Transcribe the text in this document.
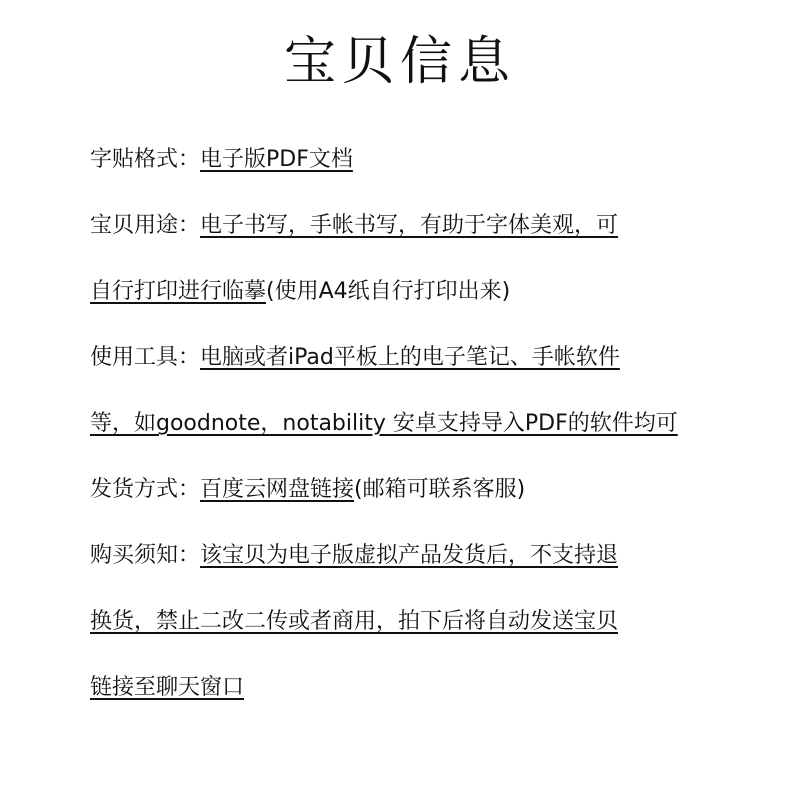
宝贝信息
字贴格式：电子版PDF文档
宝贝用途：电子书写，手帐书写，有助于字体美观，可
自行打印进行临摹(使用A4纸自行打印出来)
使用工具：电脑或者iPad平板上的电子笔记、手帐软件
等，如goodnote，notability 安卓支持导入PDF的软件均可
发货方式：百度云网盘链接(邮箱可联系客服)
购买须知：该宝贝为电子版虚拟产品发货后，不支持退
换货，禁止二改二传或者商用，拍下后将自动发送宝贝
链接至聊天窗口
